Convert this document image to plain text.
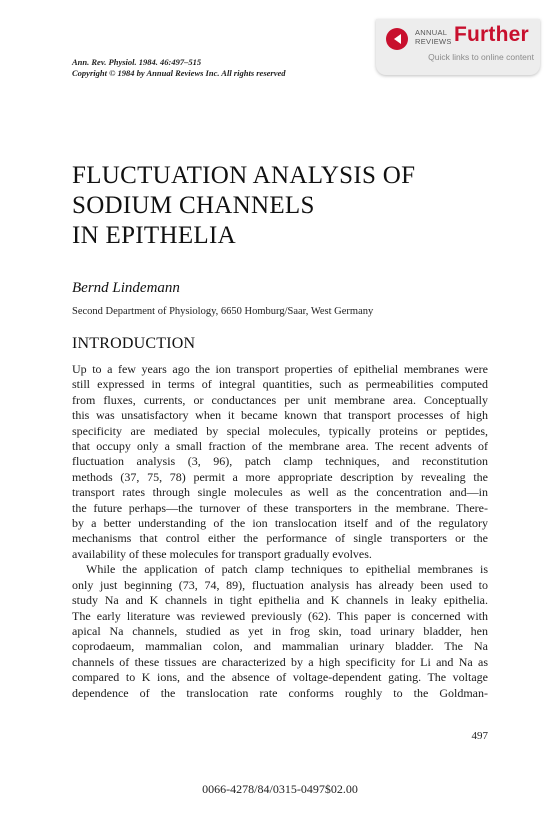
ANNUAL
REVIEWS Further
Quick links to online content
Ann. Rev. Physiol. 1984. 46:497–515
Copyright © 1984 by Annual Reviews Inc. All rights reserved
FLUCTUATION ANALYSIS OF
SODIUM CHANNELS
IN EPITHELIA
Bernd Lindemann
Second Department of Physiology, 6650 Homburg/Saar, West Germany
INTRODUCTION

Up to a few years ago the ion transport properties of epithelial membranes were

still expressed in terms of integral quantities, such as permeabilities computed

from fluxes, currents, or conductances per unit membrane area. Conceptually

this was unsatisfactory when it became known that transport processes of high

specificity are mediated by special molecules, typically proteins or peptides,

that occupy only a small fraction of the membrane area. The recent advents of

fluctuation analysis (3, 96), patch clamp techniques, and reconstitution

methods (37, 75, 78) permit a more appropriate description by revealing the

transport rates through single molecules as well as the concentration and—in

the future perhaps—the turnover of these transporters in the membrane. There-

by a better understanding of the ion translocation itself and of the regulatory

mechanisms that control either the performance of single transporters or the

availability of these molecules for transport gradually evolves.

While the application of patch clamp techniques to epithelial membranes is

only just beginning (73, 74, 89), fluctuation analysis has already been used to

study Na and K channels in tight epithelia and K channels in leaky epithelia.

The early literature was reviewed previously (62). This paper is concerned with

apical Na channels, studied as yet in frog skin, toad urinary bladder, hen

coprodaeum, mammalian colon, and mammalian urinary bladder. The Na

channels of these tissues are characterized by a high specificity for Li and Na as

compared to K ions, and the absence of voltage-dependent gating. The voltage

dependence of the translocation rate conforms roughly to the Goldman-

497
0066-4278/84/0315-0497$02.00
